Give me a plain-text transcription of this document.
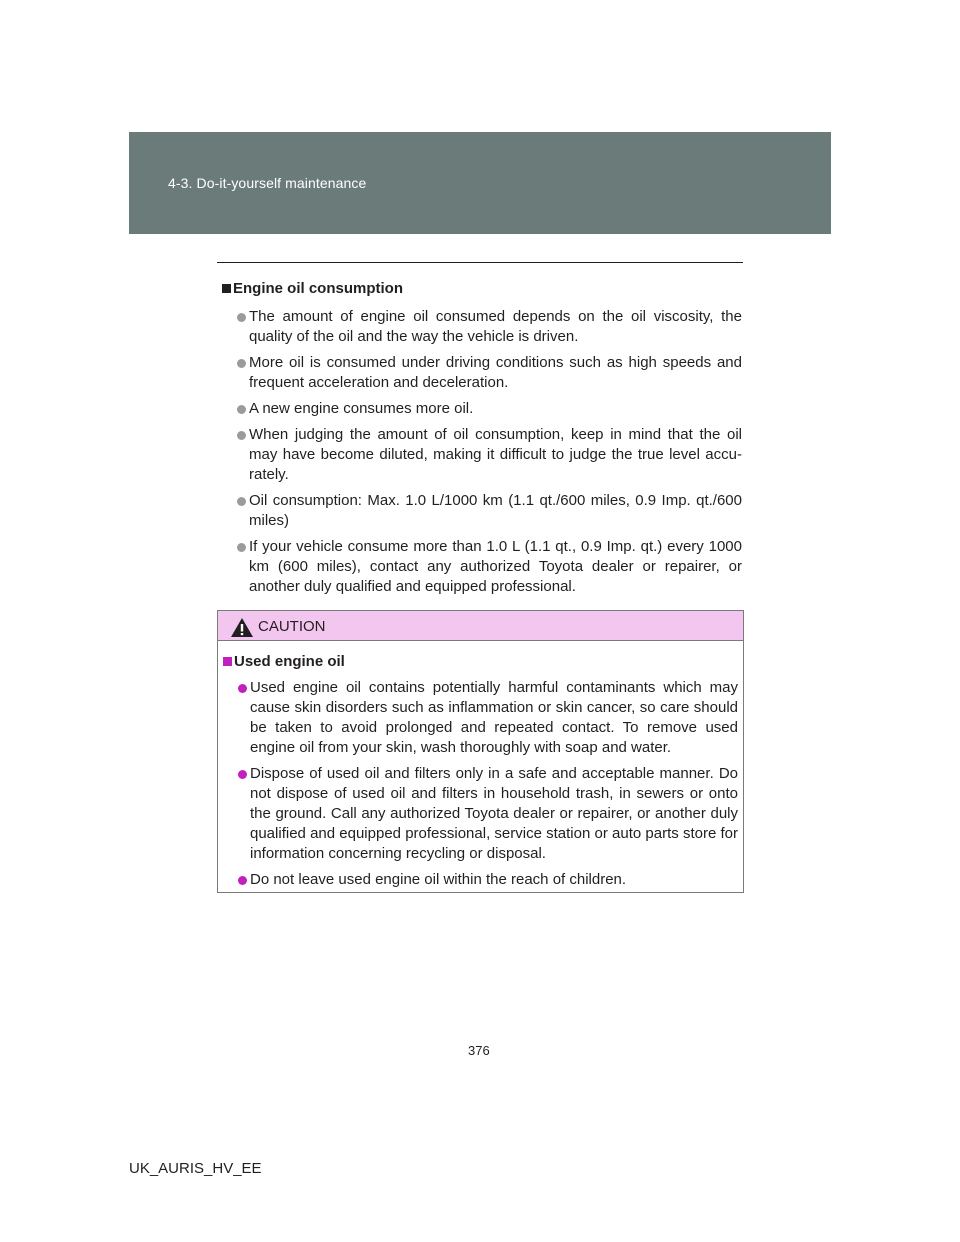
4-3. Do-it-yourself maintenance
Engine oil consumption
The amount of engine oil consumed depends on the oil viscosity, the quality of the oil and the way the vehicle is driven.
More oil is consumed under driving conditions such as high speeds and frequent acceleration and deceleration.
A new engine consumes more oil.
When judging the amount of oil consumption, keep in mind that the oil may have become diluted, making it difficult to judge the true level accu-rately.
Oil consumption: Max. 1.0 L/1000 km (1.1 qt./600 miles, 0.9 Imp. qt./600 miles)
If your vehicle consume more than 1.0 L (1.1 qt., 0.9 Imp. qt.) every 1000 km (600 miles), contact any authorized Toyota dealer or repairer, or another duly qualified and equipped professional.
CAUTION
Used engine oil
Used engine oil contains potentially harmful contaminants which may cause skin disorders such as inflammation or skin cancer, so care should be taken to avoid prolonged and repeated contact. To remove used engine oil from your skin, wash thoroughly with soap and water.
Dispose of used oil and filters only in a safe and acceptable manner. Do not dispose of used oil and filters in household trash, in sewers or onto the ground. Call any authorized Toyota dealer or repairer, or another duly qualified and equipped professional, service station or auto parts store for information concerning recycling or disposal.
Do not leave used engine oil within the reach of children.
376
UK_AURIS_HV_EE
